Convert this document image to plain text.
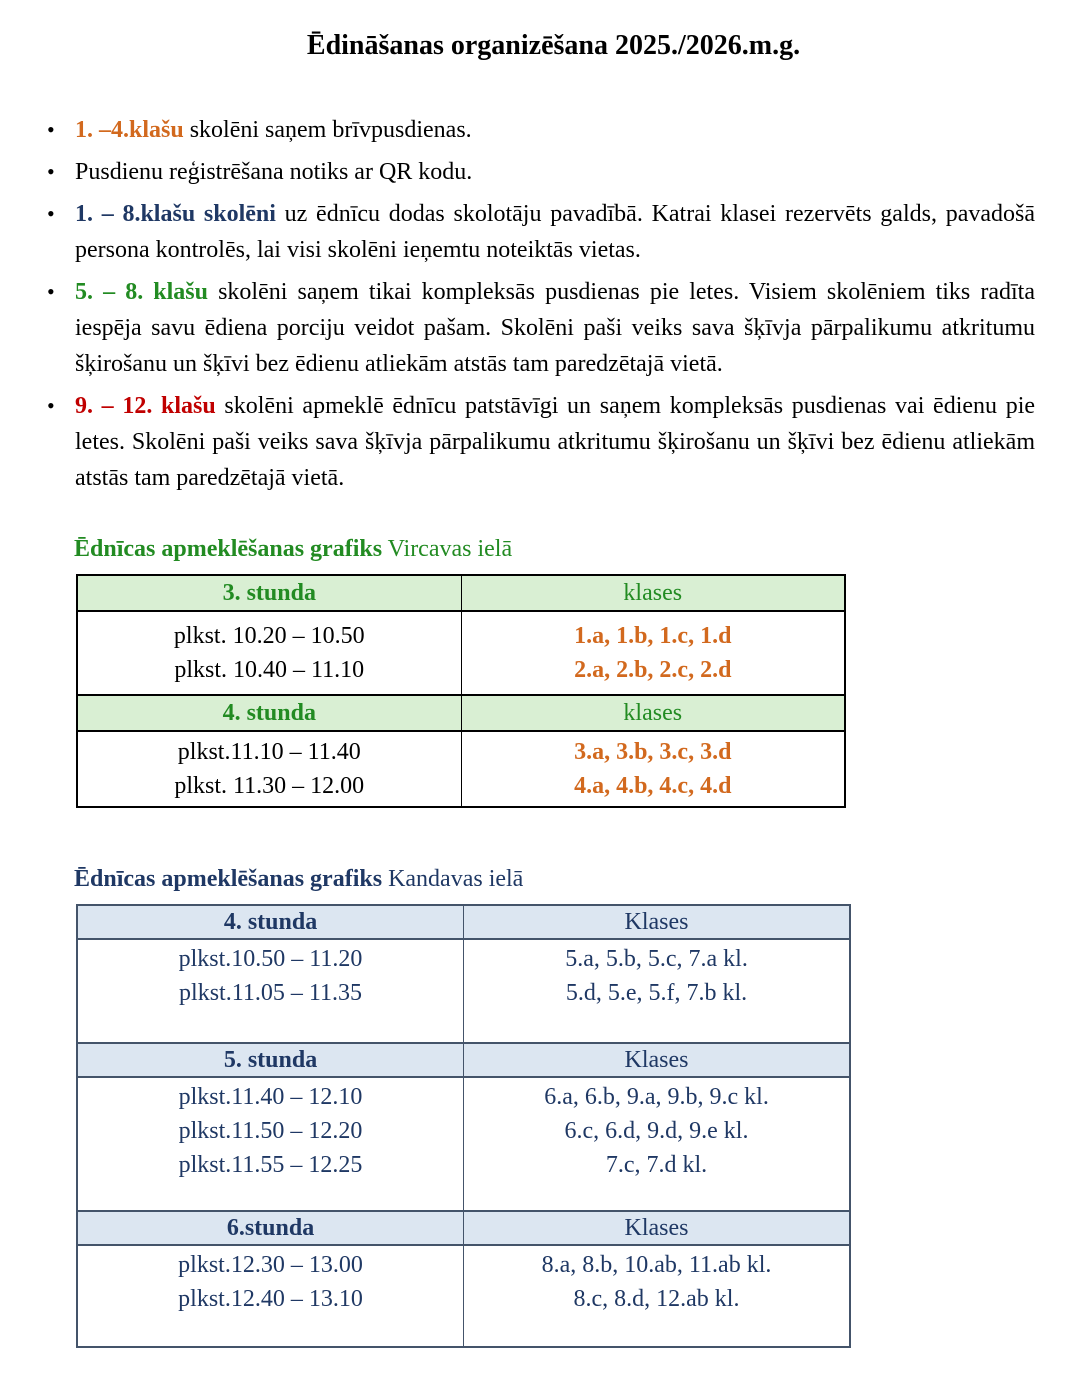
Ēdināšanas organizēšana 2025./2026.m.g.
• 1. –4.klašu skolēni saņem brīvpusdienas.
• Pusdienu reģistrēšana notiks ar QR kodu.
• 1. – 8.klašu skolēni uz ēdnīcu dodas skolotāju pavadībā. Katrai klasei rezervēts galds, pavadošā persona kontrolēs, lai visi skolēni ieņemtu noteiktās vietas.
• 5. – 8. klašu skolēni saņem tikai kompleksās pusdienas pie letes. Visiem skolēniem tiks radīta iespēja savu ēdiena porciju veidot pašam. Skolēni paši veiks sava šķīvja pārpalikumu atkritumu šķirošanu un šķīvi bez ēdienu atliekām atstās tam paredzētajā vietā.
• 9. – 12. klašu skolēni apmeklē ēdnīcu patstāvīgi un saņem kompleksās pusdienas vai ēdienu pie letes. Skolēni paši veiks sava šķīvja pārpalikumu atkritumu šķirošanu un šķīvi bez ēdienu atliekām atstās tam paredzētajā vietā.
Ēdnīcas apmeklēšanas grafiks Vircavas ielā
3. stunda	klases

plkst. 10.20 – 10.50
plkst. 10.40 – 11.10

1.a, 1.b, 1.c, 1.d
2.a, 2.b, 2.c, 2.d

4. stunda	klases

plkst.11.10 – 11.40
plkst. 11.30 – 12.00

3.a, 3.b, 3.c, 3.d
4.a, 4.b, 4.c, 4.d
Ēdnīcas apmeklēšanas grafiks Kandavas ielā
4. stunda	Klases

plkst.10.50 – 11.20
plkst.11.05 – 11.35

5.a, 5.b, 5.c, 7.a kl.
5.d, 5.e, 5.f, 7.b kl.

5. stunda	Klases

plkst.11.40 – 12.10
plkst.11.50 – 12.20
plkst.11.55 – 12.25

6.a, 6.b, 9.a, 9.b, 9.c kl.
6.c, 6.d, 9.d, 9.e kl.
7.c, 7.d kl.

6.stunda	Klases

plkst.12.30 – 13.00
plkst.12.40 – 13.10

8.a, 8.b, 10.ab, 11.ab kl.
8.c, 8.d, 12.ab kl.
